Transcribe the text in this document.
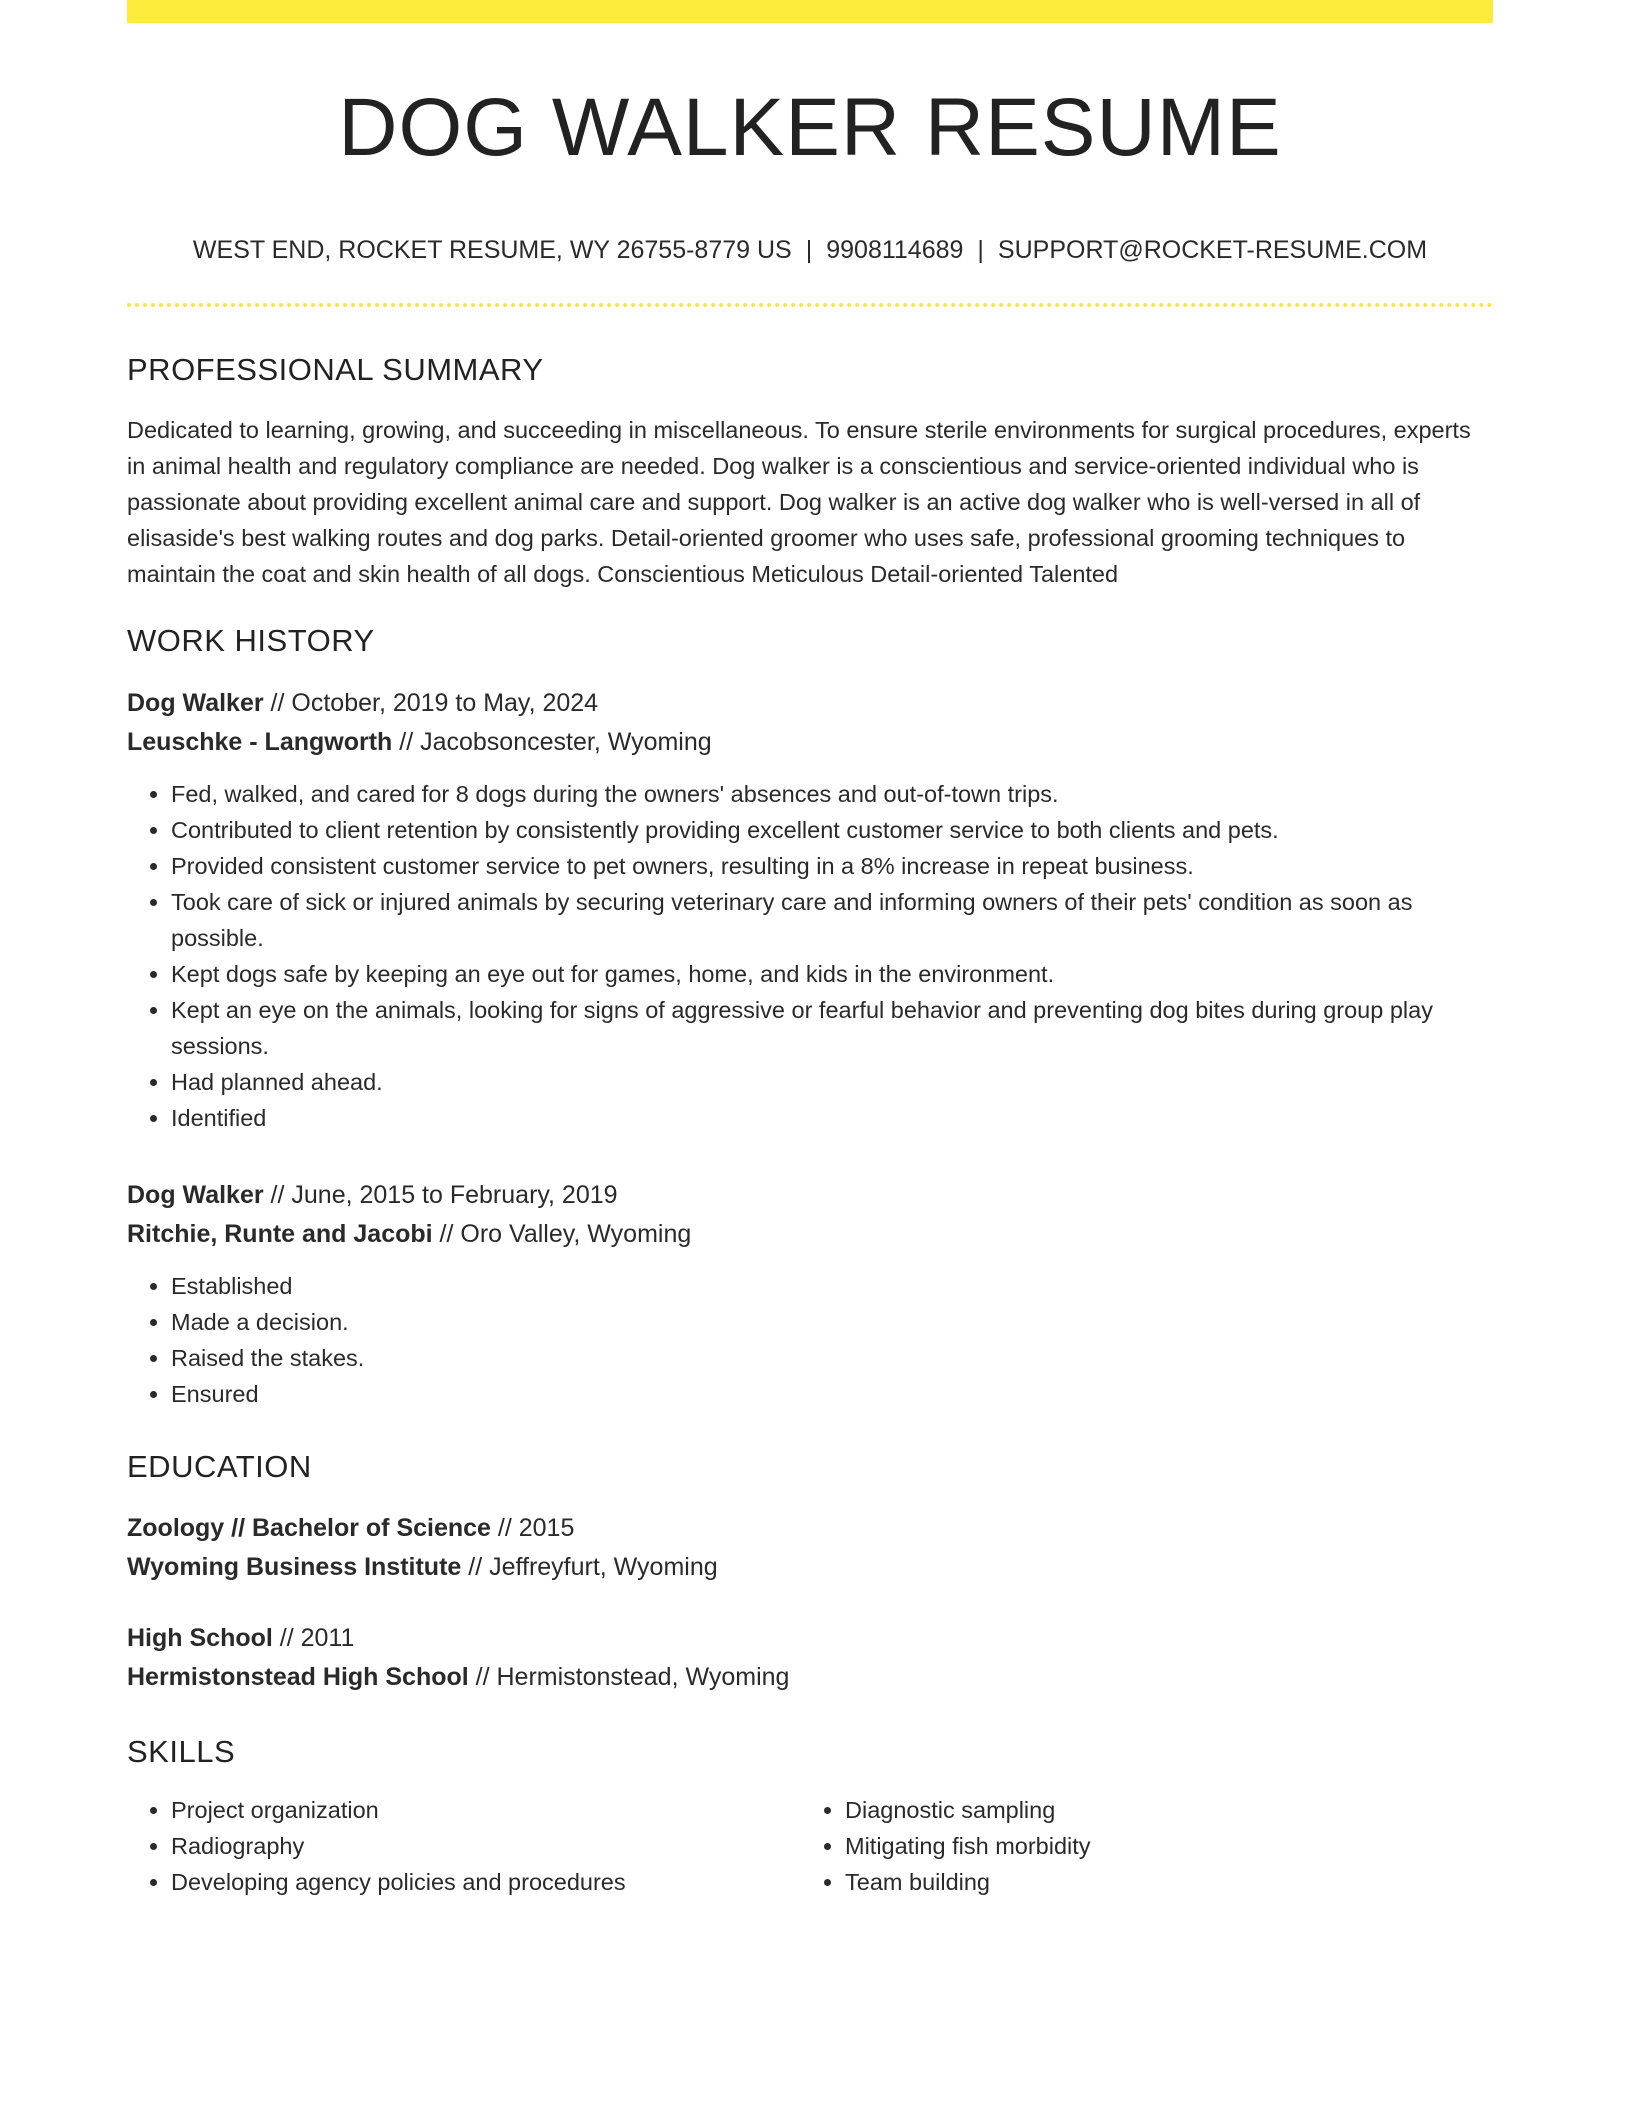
DOG WALKER RESUME
WEST END, ROCKET RESUME, WY 26755-8779 US | 9908114689 | SUPPORT@ROCKET-RESUME.COM
PROFESSIONAL SUMMARY

Dedicated to learning, growing, and succeeding in miscellaneous. To ensure sterile environments for surgical procedures, experts in animal health and regulatory compliance are needed. Dog walker is a conscientious and service-oriented individual who is passionate about providing excellent animal care and support. Dog walker is an active dog walker who is well-versed in all of elisaside's best walking routes and dog parks. Detail-oriented groomer who uses safe, professional grooming techniques to maintain the coat and skin health of all dogs. Conscientious Meticulous Detail-oriented Talented

WORK HISTORY
Dog Walker // October, 2019 to May, 2024
Leuschke - Langworth // Jacobsoncester, Wyoming
• Fed, walked, and cared for 8 dogs during the owners' absences and out-of-town trips.
• Contributed to client retention by consistently providing excellent customer service to both clients and pets.
• Provided consistent customer service to pet owners, resulting in a 8% increase in repeat business.
• Took care of sick or injured animals by securing veterinary care and informing owners of their pets' condition as soon as possible.
• Kept dogs safe by keeping an eye out for games, home, and kids in the environment.
• Kept an eye on the animals, looking for signs of aggressive or fearful behavior and preventing dog bites during group play sessions.
• Had planned ahead.
• Identified
Dog Walker // June, 2015 to February, 2019
Ritchie, Runte and Jacobi // Oro Valley, Wyoming
• Established
• Made a decision.
• Raised the stakes.
• Ensured
EDUCATION
Zoology // Bachelor of Science // 2015
Wyoming Business Institute // Jeffreyfurt, Wyoming
High School // 2011
Hermistonstead High School // Hermistonstead, Wyoming
SKILLS
• Project organization
• Radiography
• Developing agency policies and procedures
• Diagnostic sampling
• Mitigating fish morbidity
• Team building
